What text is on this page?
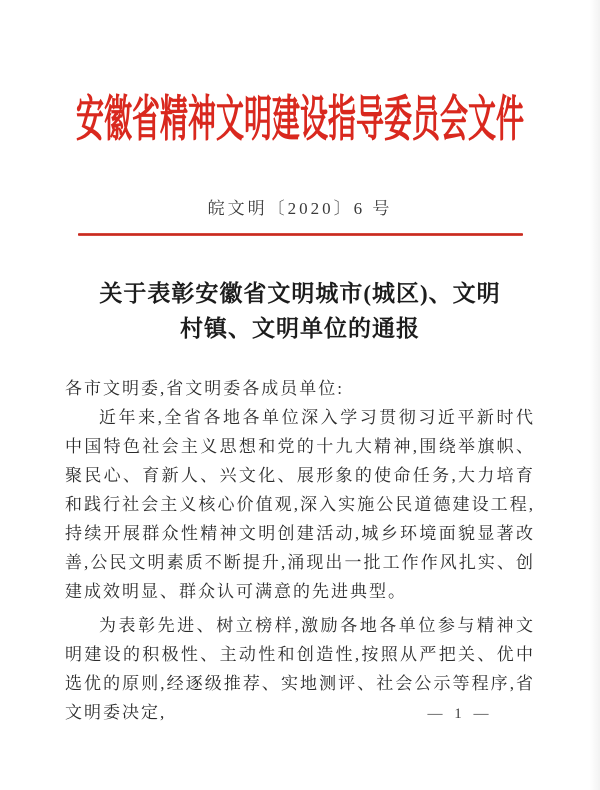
安徽省精神文明建设指导委员会文件
皖文明〔2020〕6 号
关于表彰安徽省文明城市(城区)、文明
村镇、文明单位的通报
各市文明委,省文明委各成员单位:

近年来,全省各地各单位深入学习贯彻习近平新时代中国特色社会主义思想和党的十九大精神,围绕举旗帜、聚民心、育新人、兴文化、展形象的使命任务,大力培育和践行社会主义核心价值观,深入实施公民道德建设工程,持续开展群众性精神文明创建活动,城乡环境面貌显著改善,公民文明素质不断提升,涌现出一批工作作风扎实、创建成效明显、群众认可满意的先进典型。

为表彰先进、树立榜样,激励各地各单位参与精神文明建设的积极性、主动性和创造性,按照从严把关、优中选优的原则,经逐级推荐、实地测评、社会公示等程序,省文明委决定,	— 1 —
